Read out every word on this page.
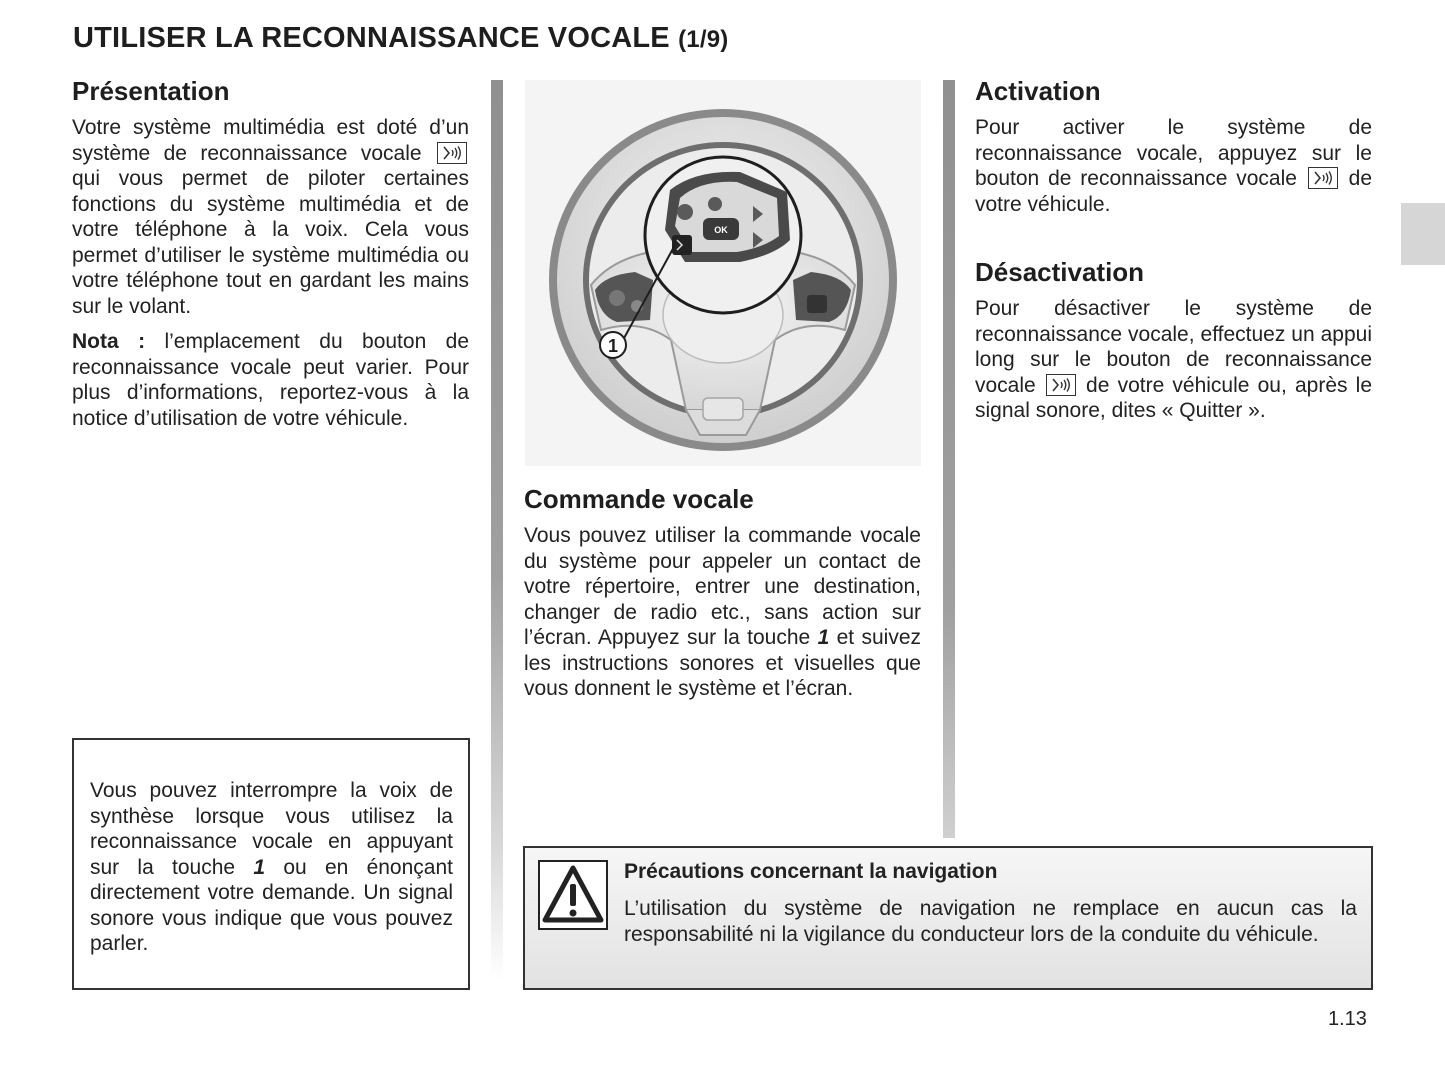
UTILISER LA RECONNAISSANCE VOCALE (1/9)
Présentation

Votre système multimédia est doté d’un système de reconnaissance vocale
qui vous permet de piloter certaines fonctions du système multimédia et de votre téléphone à la voix. Cela vous permet d’utiliser le système multimédia ou votre téléphone tout en gardant les mains sur le volant.

Nota : l’emplacement du bouton de reconnaissance vocale peut varier. Pour plus d’informations, reportez-vous à la notice d’utilisation de votre véhicule.

Vous pouvez interrompre la voix de synthèse lorsque vous utilisez la reconnaissance vocale en appuyant sur la touche 1 ou en énonçant directement votre demande. Un signal sonore vous indique que vous pouvez parler.
OK
1
Commande vocale
Vous pouvez utiliser la commande vocale du système pour appeler un contact de votre répertoire, entrer une destination, changer de radio etc., sans action sur l’écran. Appuyez sur la touche 1 et suivez les instructions sonores et visuelles que vous donnent le système et l’écran.
Activation
Pour activer le système de reconnaissance vocale, appuyez sur le bouton de reconnaissance vocale de votre véhicule.
Désactivation
Pour désactiver le système de reconnaissance vocale, effectuez un appui long sur le bouton de reconnaissance vocale de votre véhicule ou, après le signal sonore, dites « Quitter ».
Précautions concernant la navigation
L’utilisation du système de navigation ne remplace en aucun cas la responsabilité ni la vigilance du conducteur lors de la conduite du véhicule.
1.13
